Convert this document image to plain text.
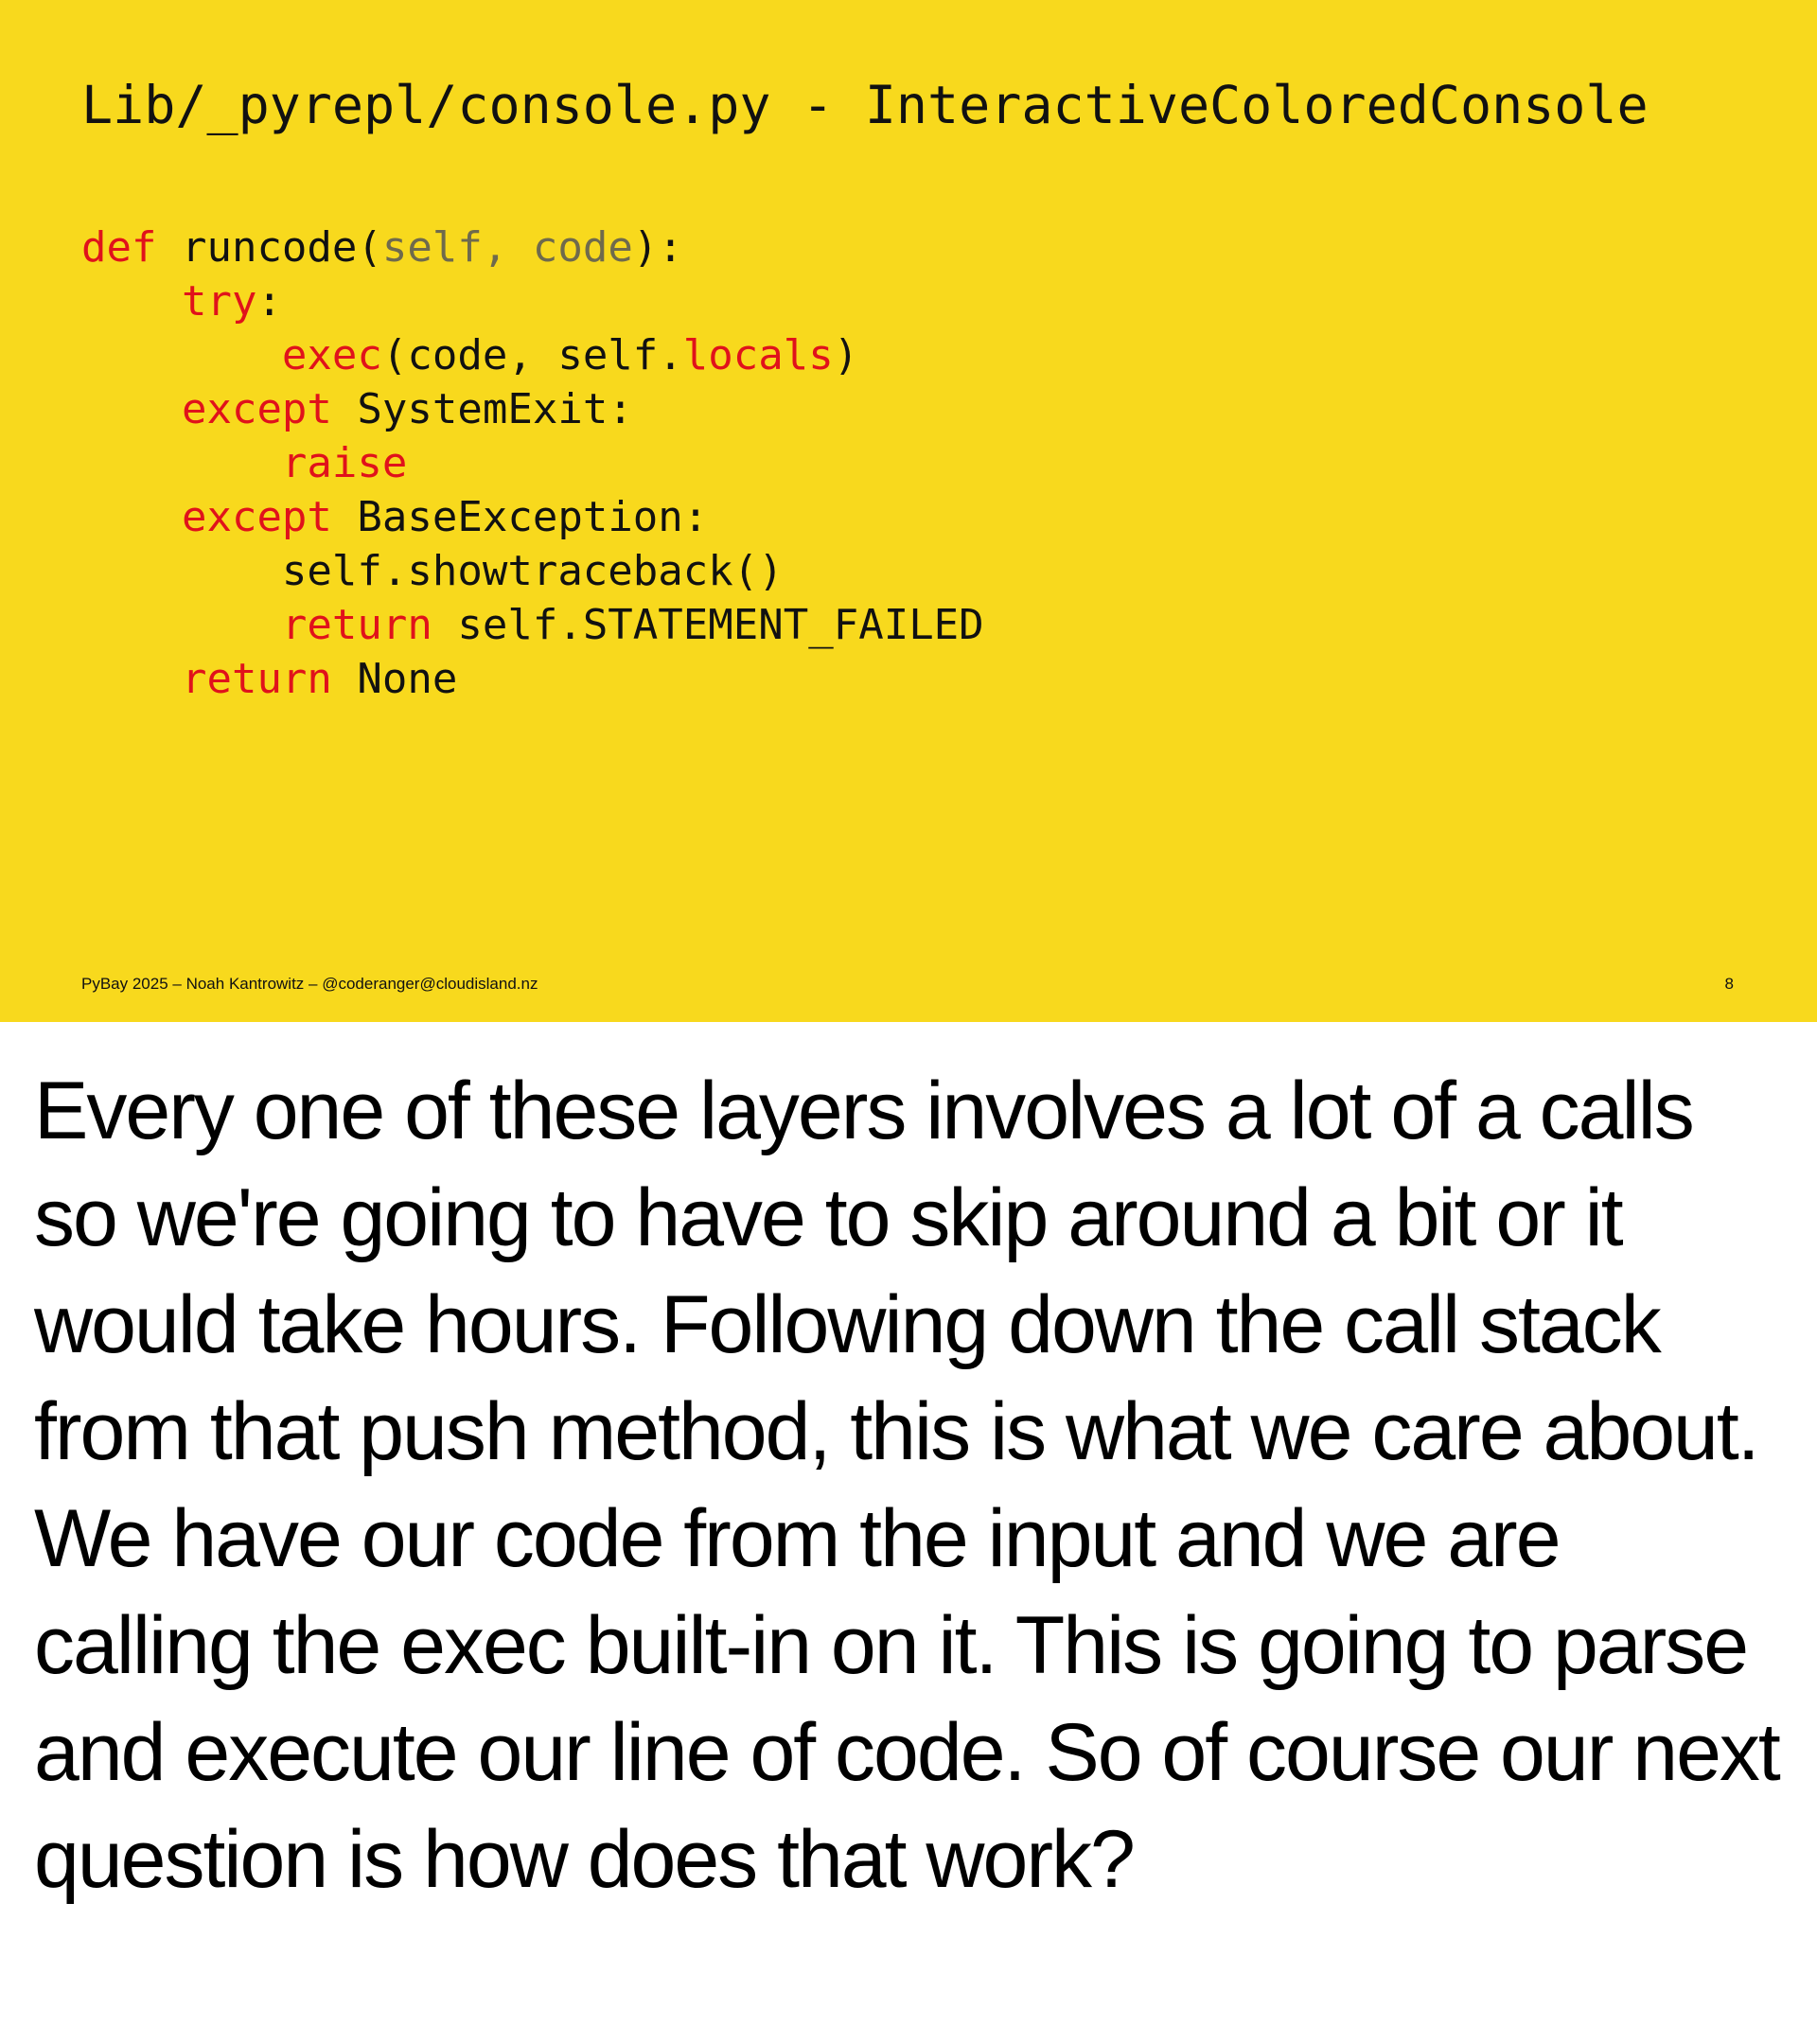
Lib/_pyrepl/console.py - InteractiveColoredConsole
def runcode(self, code):
try:
exec(code, self.locals)
except SystemExit:
raise
except BaseException:
self.showtraceback()
return self.STATEMENT_FAILED
return None
PyBay 2025 – Noah Kantrowitz – @coderanger@cloudisland.nz	8

Every one of these layers involves a lot of a calls so we're going to have to skip around a bit or it would take hours. Following down the call stack from that push method, this is what we care about. We have our code from the input and we are calling the exec built-in on it. This is going to parse and execute our line of code. So of course our next question is how does that work?
